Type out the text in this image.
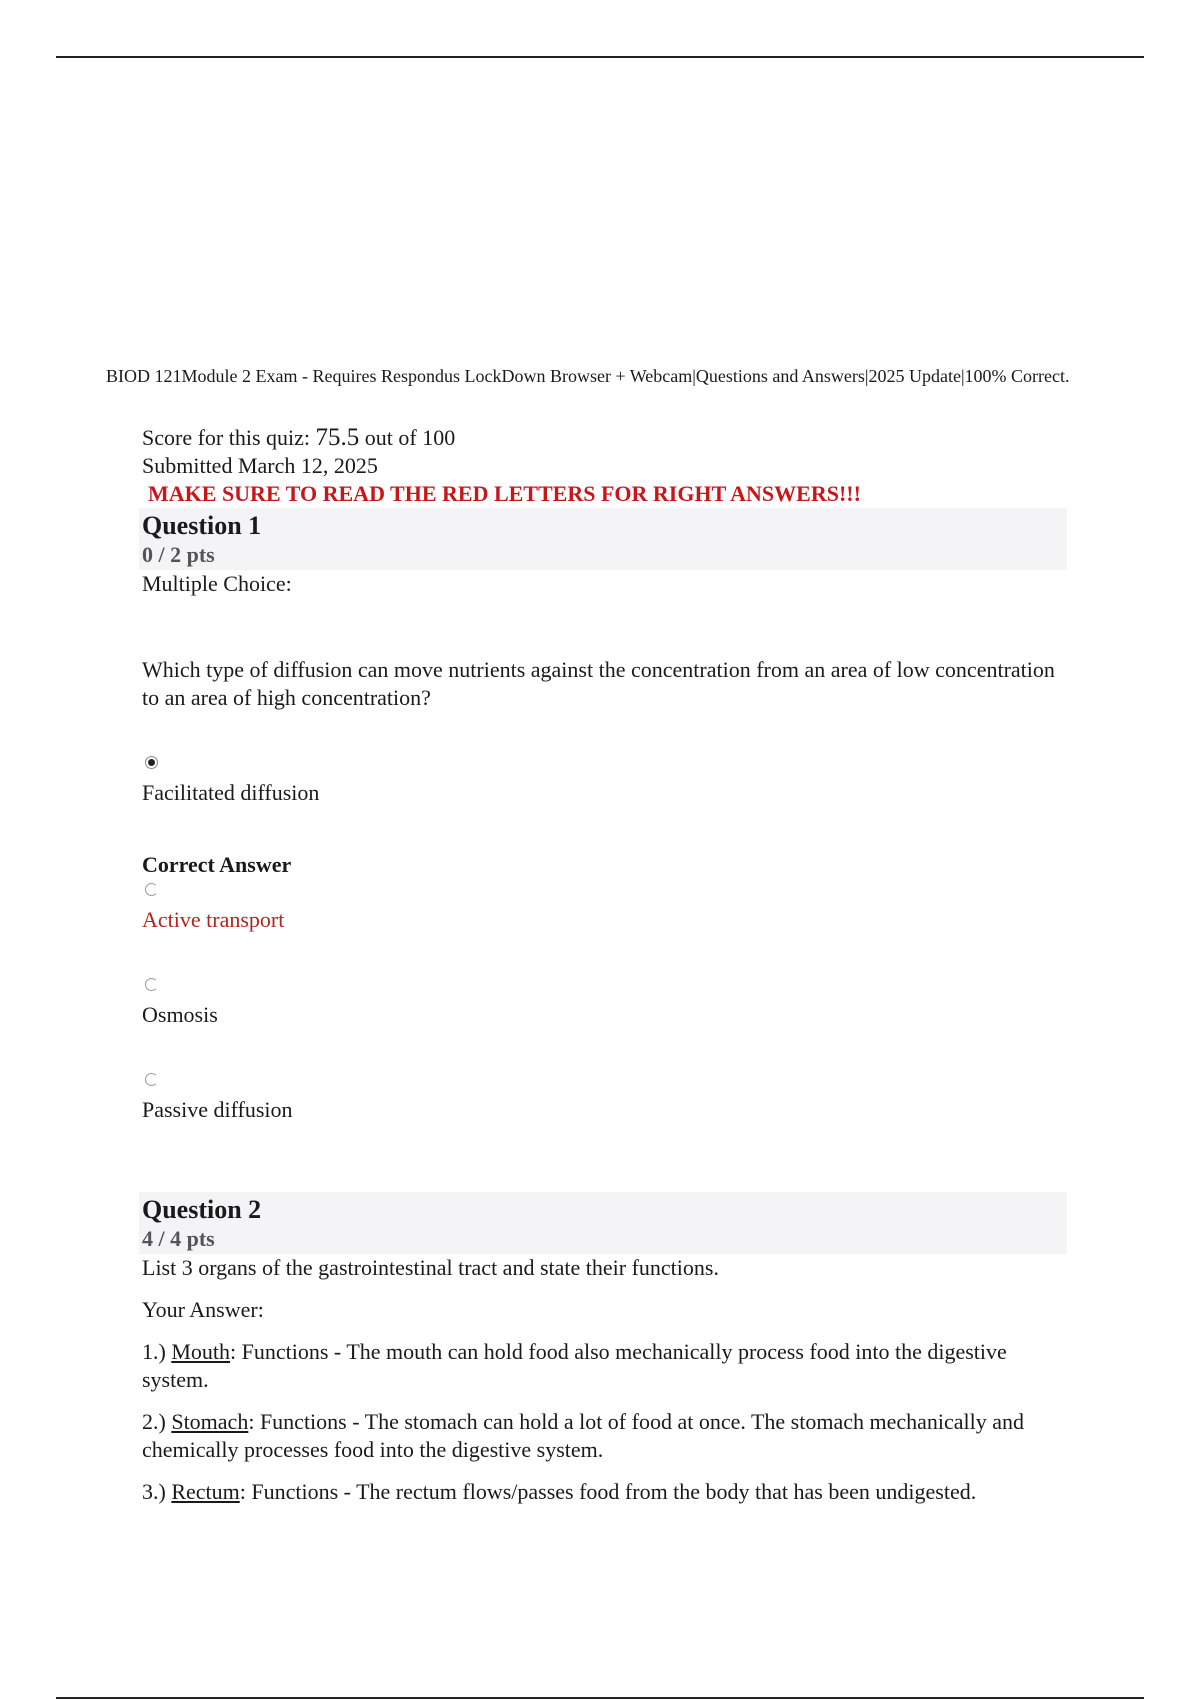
BIOD 121Module 2 Exam - Requires Respondus LockDown Browser + Webcam|Questions and Answers|2025 Update|100% Correct.
Score for this quiz: 75.5 out of 100
Submitted March 12, 2025
MAKE SURE TO READ THE RED LETTERS FOR RIGHT ANSWERS!!!
Question 1
0 / 2 pts
Multiple Choice:
Which type of diffusion can move nutrients against the concentration from an area of low concentration to an area of high concentration?
Facilitated diffusion
Correct Answer
Active transport
Osmosis
Passive diffusion
Question 2
4 / 4 pts
List 3 organs of the gastrointestinal tract and state their functions.
Your Answer:
1.) Mouth: Functions - The mouth can hold food also mechanically process food into the digestive system.
2.) Stomach: Functions - The stomach can hold a lot of food at once. The stomach mechanically and chemically processes food into the digestive system.
3.) Rectum: Functions - The rectum flows/passes food from the body that has been undigested.
